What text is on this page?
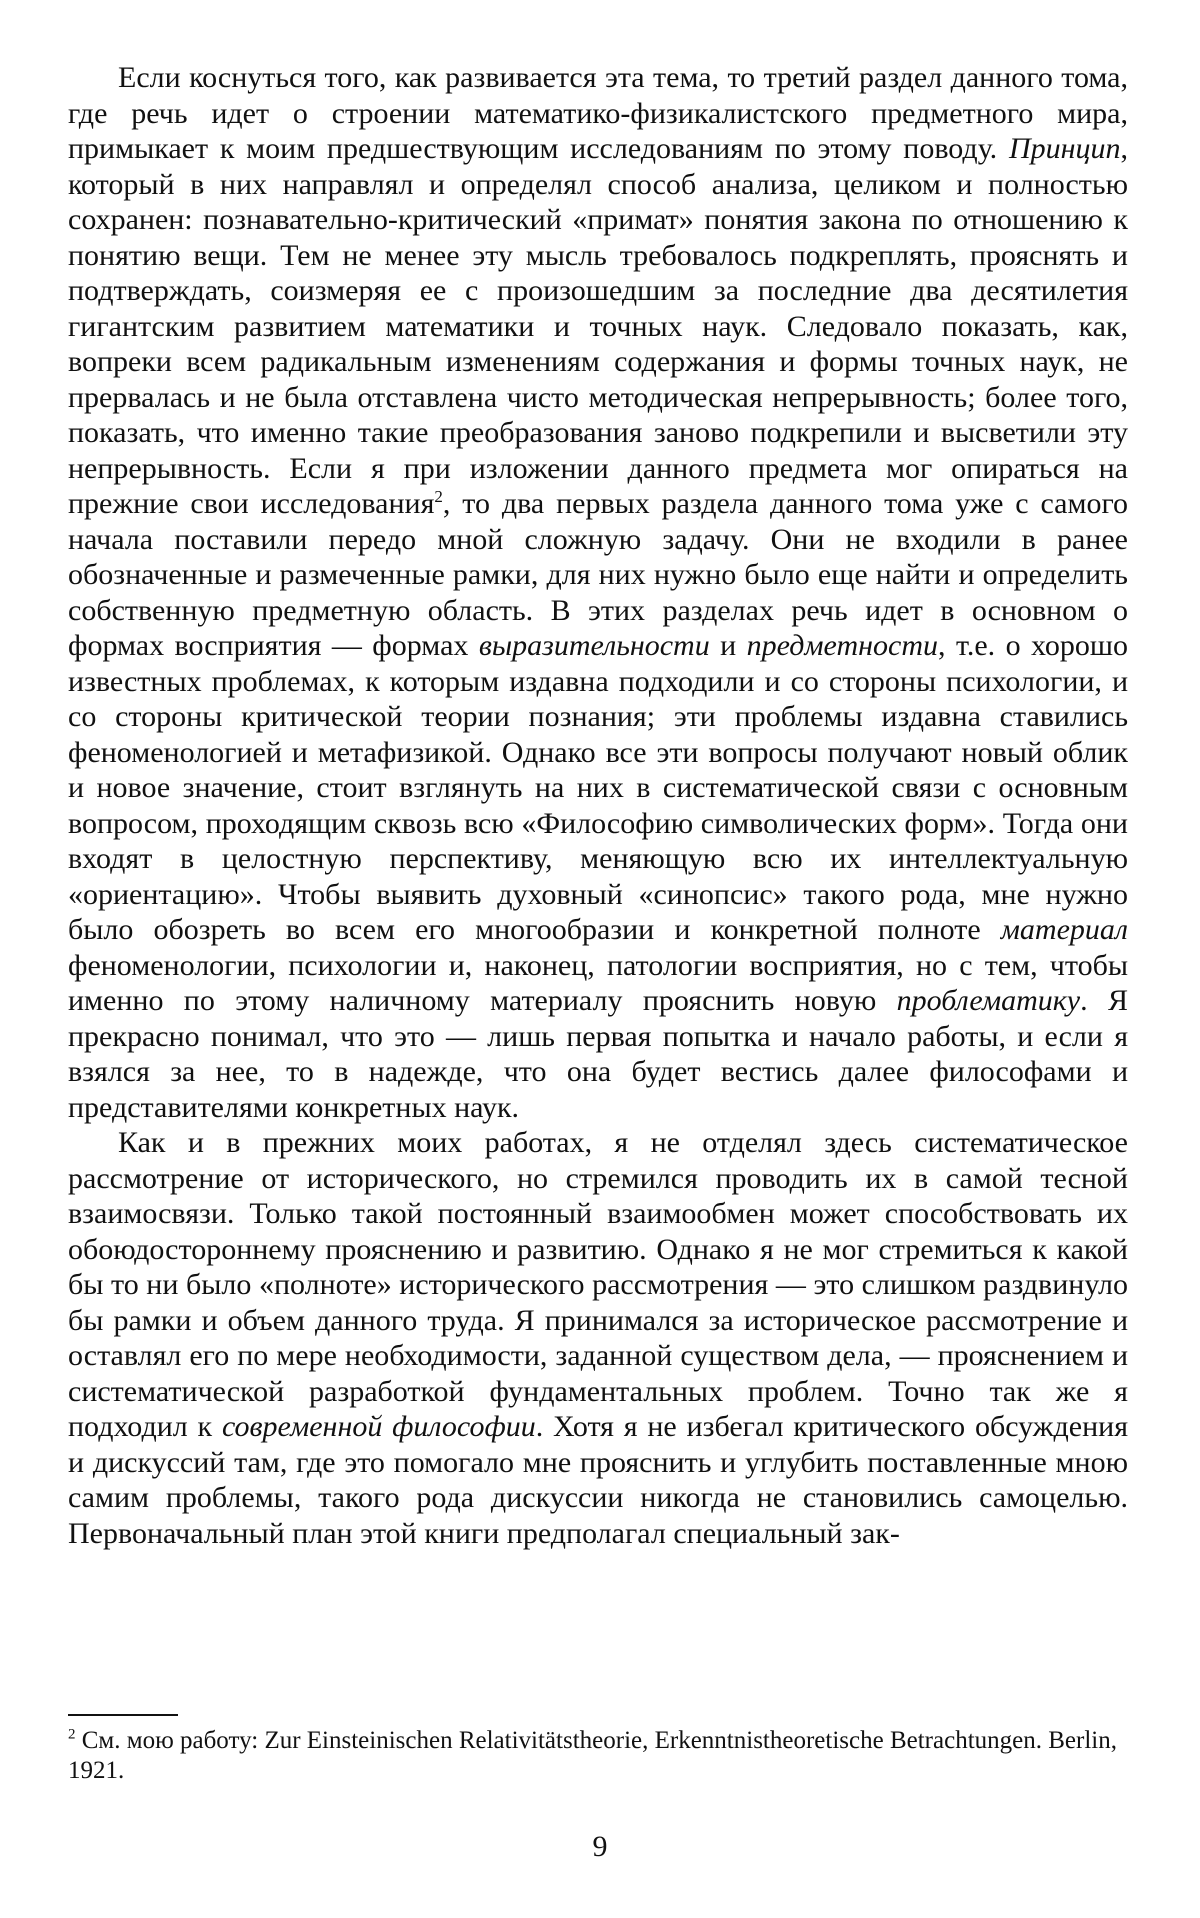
Если коснуться того, как развивается эта тема, то третий раздел данного тома, где речь идет о строении математико-физикалистского предметного мира, примыкает к моим предшествующим исследованиям по этому поводу. Принцип, который в них направлял и определял способ анализа, целиком и полностью сохранен: познавательно-критический «примат» понятия закона по отношению к понятию вещи. Тем не менее эту мысль требовалось подкреплять, прояснять и подтверждать, соизмеряя ее с произошедшим за последние два десятилетия гигантским развитием математики и точных наук. Следовало показать, как, вопреки всем радикальным изменениям содержания и формы точных наук, не прервалась и не была отставлена чисто методическая непрерывность; более того, показать, что именно такие преобразования заново подкрепили и высветили эту непрерывность. Если я при изложении данного предмета мог опираться на прежние свои исследования$^2$, то два первых раздела данного тома уже с самого начала поставили передо мной сложную задачу. Они не входили в ранее обозначенные и размеченные рамки, для них нужно было еще найти и определить собственную предметную область. В этих разделах речь идет в основном о формах восприятия — формах выразительности и предметности, т.е. о хорошо известных проблемах, к которым издавна подходили и со стороны психологии, и со стороны критической теории познания; эти проблемы издавна ставились феноменологией и метафизикой. Однако все эти вопросы получают новый облик и новое значение, стоит взглянуть на них в систематической связи с основным вопросом, проходящим сквозь всю «Философию символических форм». Тогда они входят в целостную перспективу, меняющую всю их интеллектуальную «ориентацию». Чтобы выявить духовный «синопсис» такого рода, мне нужно было обозреть во всем его многообразии и конкретной полноте материал феноменологии, психологии и, наконец, патологии восприятия, но с тем, чтобы именно по этому наличному материалу прояснить новую проблематику. Я прекрасно понимал, что это — лишь первая попытка и начало работы, и если я взялся за нее, то в надежде, что она будет вестись далее философами и представителями конкретных наук.

Как и в прежних моих работах, я не отделял здесь систематическое рассмотрение от исторического, но стремился проводить их в самой тесной взаимосвязи. Только такой постоянный взаимообмен может способствовать их обоюдостороннему прояснению и развитию. Однако я не мог стремиться к какой бы то ни было «полноте» исторического рассмотрения — это слишком раздвинуло бы рамки и объем данного труда. Я принимался за историческое рассмотрение и оставлял его по мере необходимости, заданной существом дела, — прояснением и систематической разработкой фундаментальных проблем. Точно так же я подходил к современной философии. Хотя я не избегал критического обсуждения и дискуссий там, где это помогало мне прояснить и углубить поставленные мною самим проблемы, такого рода дискуссии никогда не становились самоцелью. Первоначальный план этой книги предполагал специальный зак-

$^2$ См. мою работу: Zur Einsteinischen Relativitätstheorie, Erkenntnistheoretische Betrachtungen. Berlin, 1921.
9
